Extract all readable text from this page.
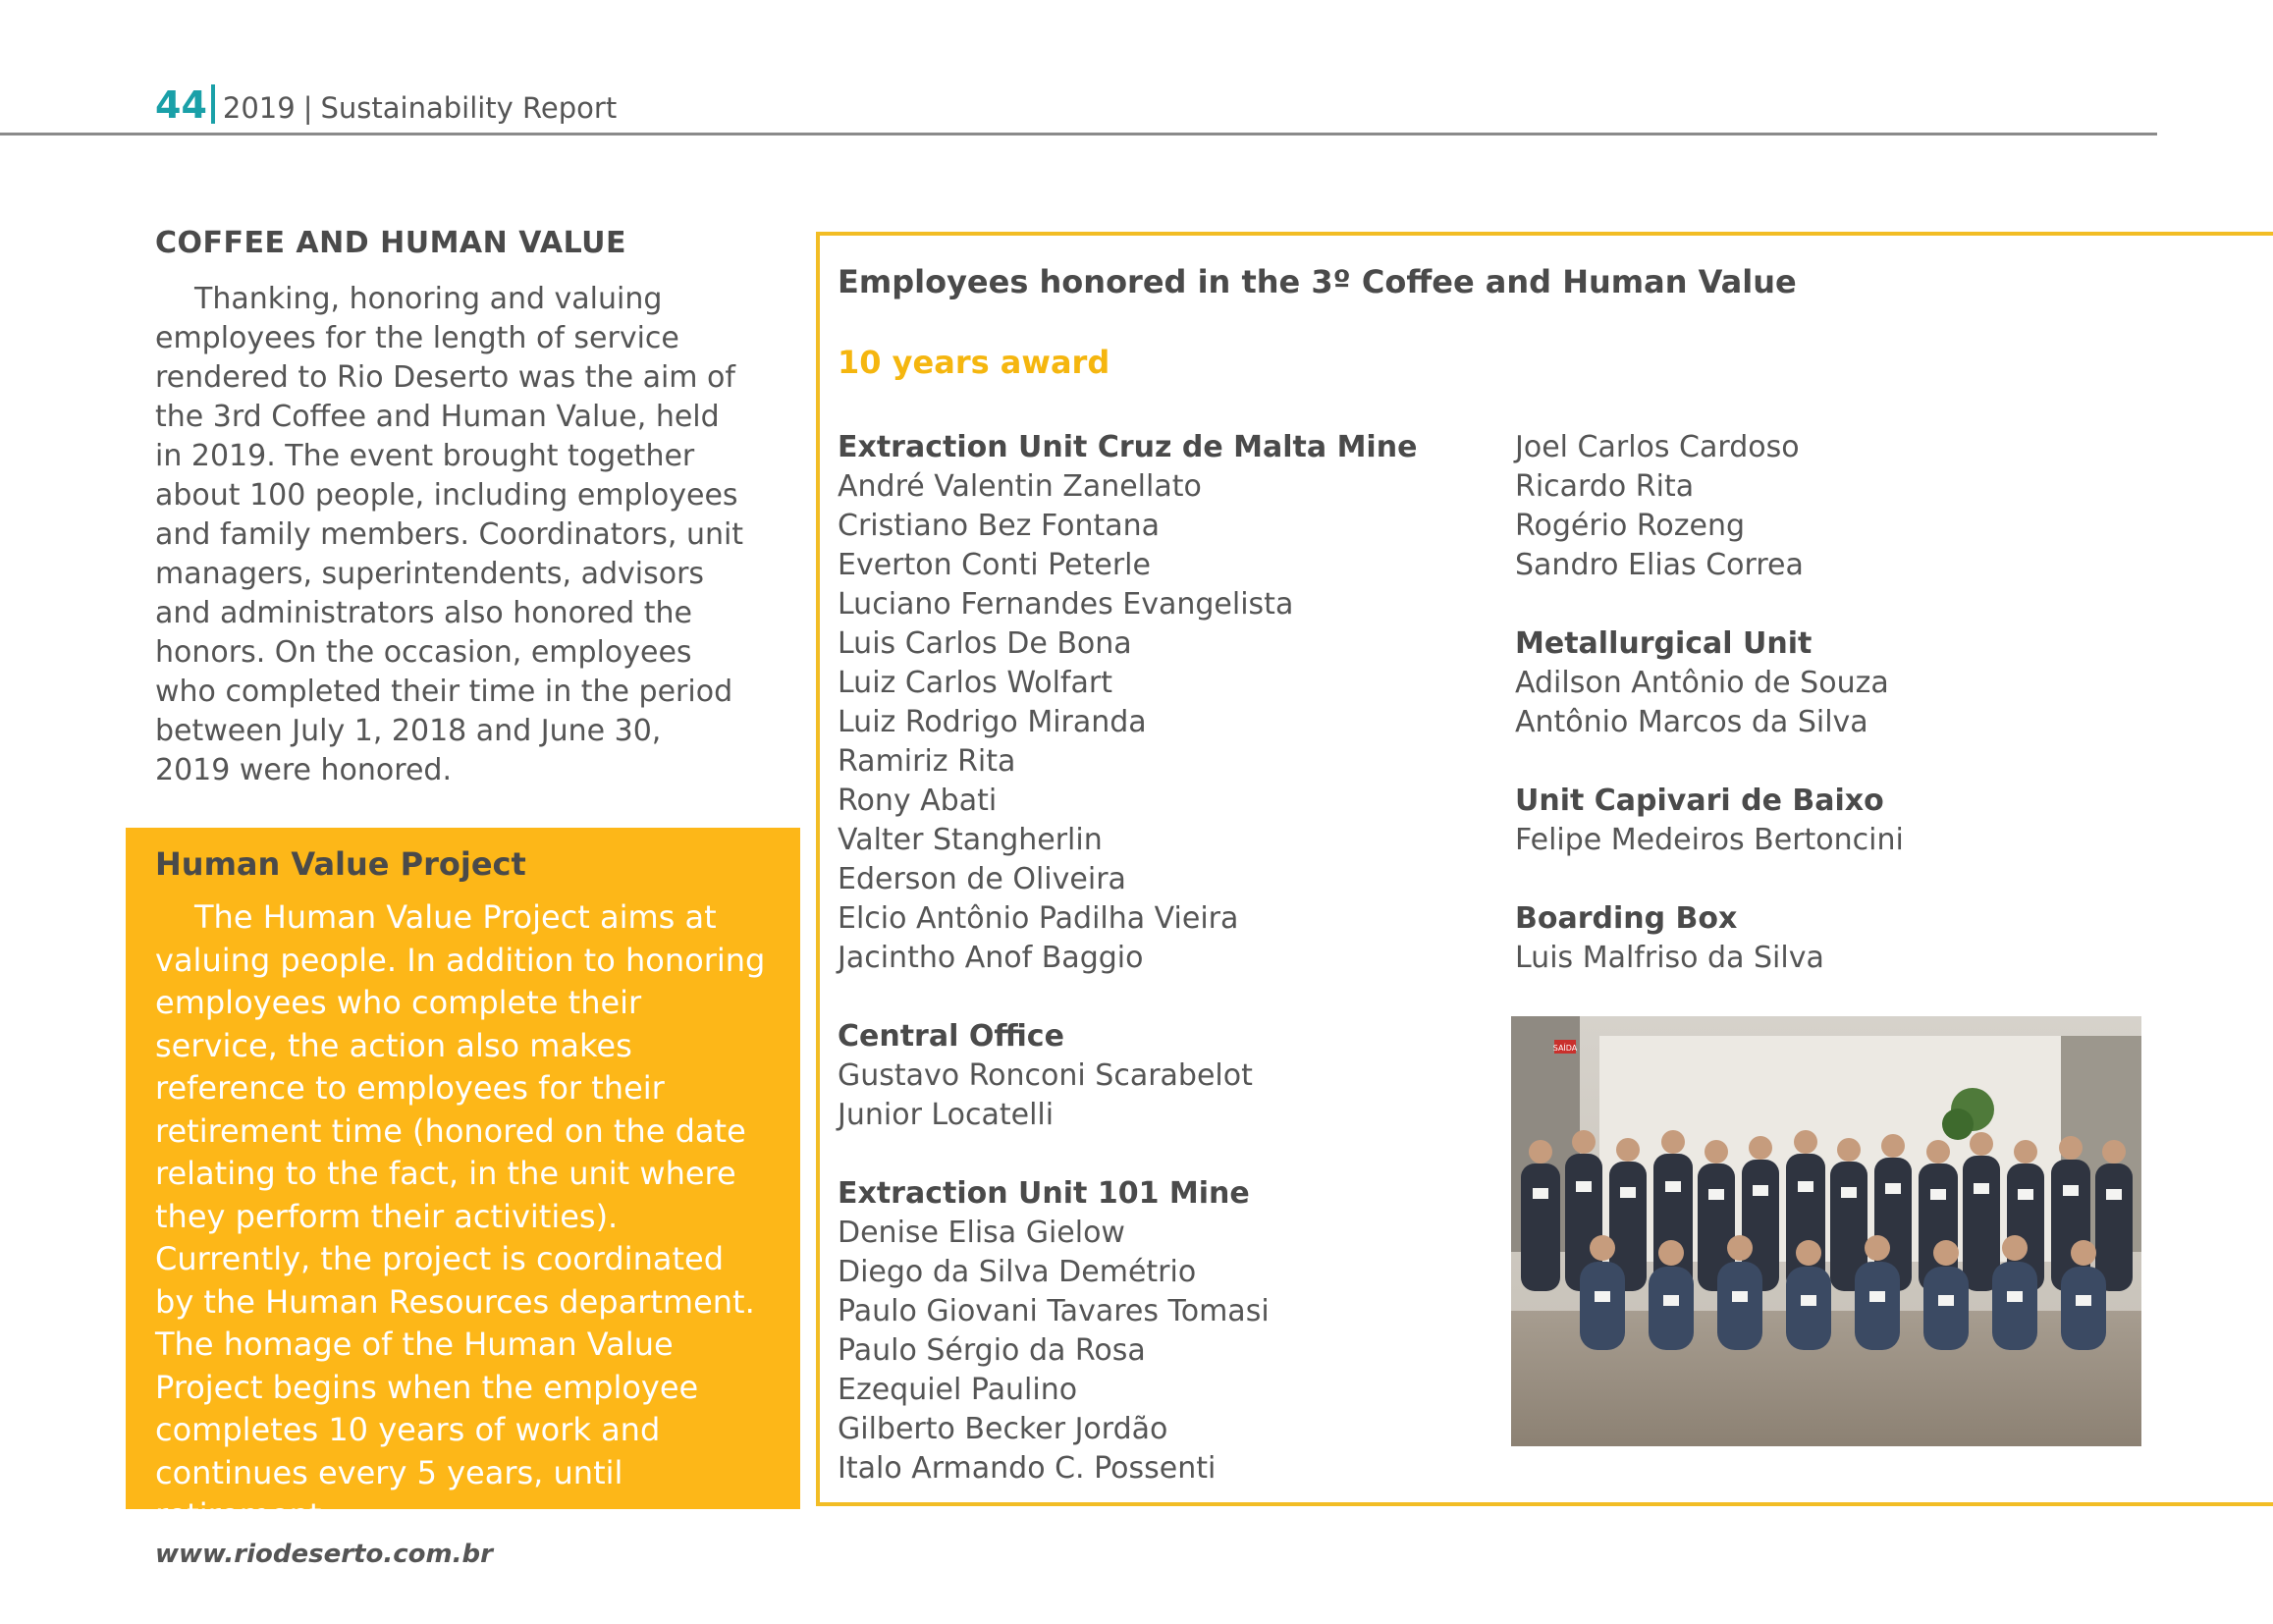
44 2019 | Sustainability Report
COFFEE AND HUMAN VALUE

Thanking, honoring and valuing employees for the length of service rendered to Rio Deserto was the aim of the 3rd Coffee and Human Value, held in 2019. The event brought together about 100 people, including employees and family members. Coordinators, unit managers, superintendents, advisors and administrators also honored the honors. On the occasion, employees who completed their time in the period between July 1, 2018 and June 30, 2019 were honored.

Human Value Project

The Human Value Project aims at valuing people. In addition to honoring employees who complete their service, the action also makes reference to employees for their retirement time (honored on the date relating to the fact, in the unit where they perform their activities). Currently, the project is coordinated by the Human Resources department. The homage of the Human Value Project begins when the employee completes 10 years of work and continues every 5 years, until retirement.

Employees honored in the 3º Coffee and Human Value
10 years award

Extraction Unit Cruz de Malta Mine

André Valentin Zanellato

Cristiano Bez Fontana

Everton Conti Peterle

Luciano Fernandes Evangelista

Luis Carlos De Bona

Luiz Carlos Wolfart

Luiz Rodrigo Miranda

Ramiriz Rita

Rony Abati

Valter Stangherlin

Ederson de Oliveira

Elcio Antônio Padilha Vieira

Jacintho Anof Baggio

Central Office

Gustavo Ronconi Scarabelot

Junior Locatelli

Extraction Unit 101 Mine

Denise Elisa Gielow

Diego da Silva Demétrio

Paulo Giovani Tavares Tomasi

Paulo Sérgio da Rosa

Ezequiel Paulino

Gilberto Becker Jordão

Italo Armando C. Possenti

Joel Carlos Cardoso

Ricardo Rita

Rogério Rozeng

Sandro Elias Correa

Metallurgical Unit

Adilson Antônio de Souza

Antônio Marcos da Silva

Unit Capivari de Baixo

Felipe Medeiros Bertoncini

Boarding Box

Luis Malfriso da Silva

SAÍDA
www.riodeserto.com.br
